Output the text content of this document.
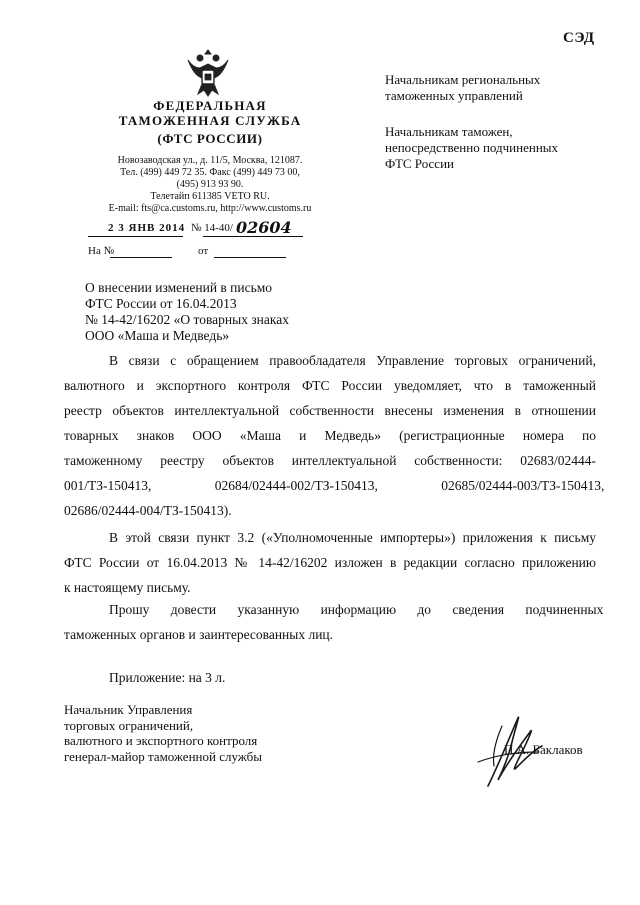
СЭД
ФЕДЕРАЛЬНАЯ
ТАМОЖЕННАЯ СЛУЖБА
(ФТС РОССИИ)
Новозаводская ул., д. 11/5, Москва, 121087.
Тел. (499) 449 72 35. Факс (499) 449 73 00,
(495) 913 93 90.
Телетайп 611385 VETO RU.
E-mail: fts@ca.customs.ru, http://www.customs.ru
2 3 ЯНВ 2014 № 14-40/ 02604
На №	от
Начальникам региональных
таможенных управлений
Начальникам таможен,
непосредственно подчиненных
ФТС России
О внесении изменений в письмо
ФТС России от 16.04.2013
№ 14-42/16202 «О товарных знаках
ООО «Маша и Медведь»
В связи с обращением правообладателя Управление торговых ограничений,
валютного и экспортного контроля ФТС России уведомляет, что в таможенный
реестр объектов интеллектуальной собственности внесены изменения в отношении
товарных знаков ООО «Маша и Медведь» (регистрационные номера по
таможенному реестру объектов интеллектуальной собственности: 02683/02444-
001/ТЗ-150413, 02684/02444-002/ТЗ-150413, 02685/02444-003/ТЗ-150413,
02686/02444-004/ТЗ-150413).
В этой связи пункт 3.2 («Уполномоченные импортеры») приложения к письму
ФТС России от 16.04.2013 № 14-42/16202 изложен в редакции согласно приложению
к настоящему письму.
Прошу довести указанную информацию до сведения подчиненных
таможенных органов и заинтересованных лиц.
Приложение: на 3 л.
Начальник Управления
торговых ограничений,
валютного и экспортного контроля
генерал-майор таможенной службы	П.А. Баклаков
